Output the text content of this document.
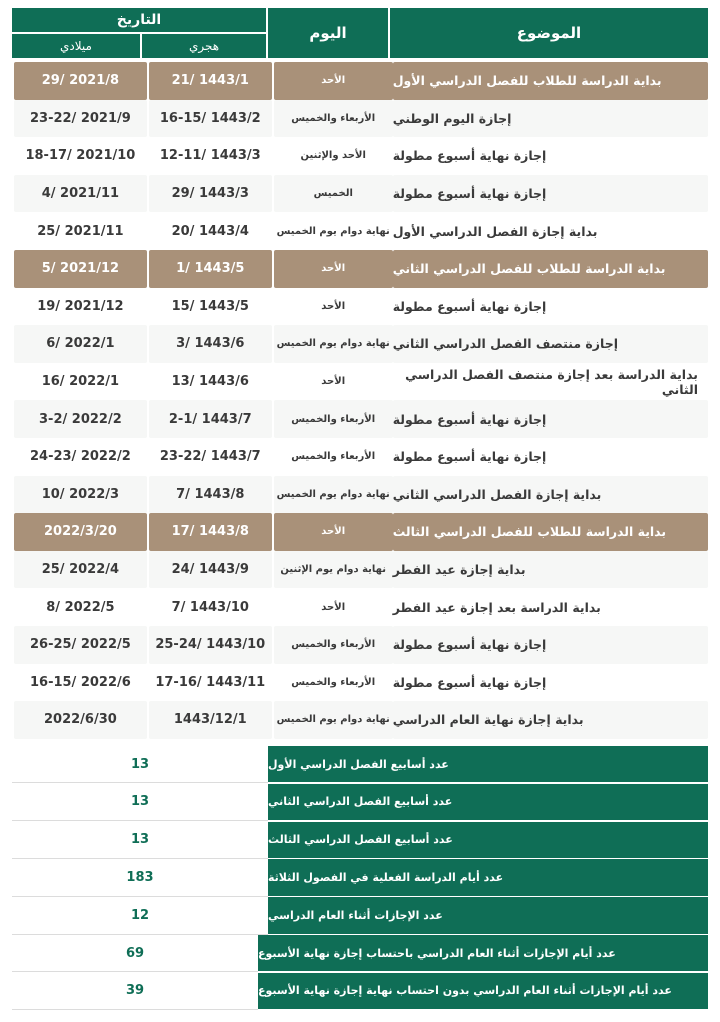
الموضوع
اليوم
التاريخ
هجري
ميلادي
بداية الدراسة للطلاب للفصل الدراسي الأول
الأحد
21/ 1443/1
29/ 2021/8
إجازة اليوم الوطني
الأربعاء والخميس
16-15/ 1443/2
23-22/ 2021/9
إجازة نهاية أسبوع مطولة
الأحد والإثنين
12-11/ 1443/3
18-17/ 2021/10
إجازة نهاية أسبوع مطولة
الخميس
29/ 1443/3
4/ 2021/11
بداية إجازة الفصل الدراسي الأول
نهاية دوام يوم الخميس
20/ 1443/4
25/ 2021/11
بداية الدراسة للطلاب للفصل الدراسي الثاني
الأحد
1/ 1443/5
5/ 2021/12
إجازة نهاية أسبوع مطولة
الأحد
15/ 1443/5
19/ 2021/12
إجازة منتصف الفصل الدراسي الثاني
نهاية دوام يوم الخميس
3/ 1443/6
6/ 2022/1
بداية الدراسة بعد إجازة منتصف الفصل الدراسي الثاني
الأحد
13/ 1443/6
16/ 2022/1
إجازة نهاية أسبوع مطولة
الأربعاء والخميس
2-1/ 1443/7
3-2/ 2022/2
إجازة نهاية أسبوع مطولة
الأربعاء والخميس
23-22/ 1443/7
24-23/ 2022/2
بداية إجازة الفصل الدراسي الثاني
نهاية دوام يوم الخميس
7/ 1443/8
10/ 2022/3
بداية الدراسة للطلاب للفصل الدراسي الثالث
الأحد
17/ 1443/8
2022/3/20
بداية إجازة عيد الفطر
نهاية دوام يوم الإثنين
24/ 1443/9
25/ 2022/4
بداية الدراسة بعد إجازة عيد الفطر
الأحد
7/ 1443/10
8/ 2022/5
إجازة نهاية أسبوع مطولة
الأربعاء والخميس
25-24/ 1443/10
26-25/ 2022/5
إجازة نهاية أسبوع مطولة
الأربعاء والخميس
17-16/ 1443/11
16-15/ 2022/6
بداية إجازة نهاية العام الدراسي
نهاية دوام يوم الخميس
1443/12/1
2022/6/30
عدد أسابيع الفصل الدراسي الأول
13
عدد أسابيع الفصل الدراسي الثاني
13
عدد أسابيع الفصل الدراسي الثالث
13
عدد أيام الدراسة الفعلية في الفصول الثلاثة
183
عدد الإجازات أثناء العام الدراسي
12
عدد أيام الإجازات أثناء العام الدراسي باحتساب إجازة نهاية الأسبوع
69
عدد أيام الإجازات أثناء العام الدراسي بدون احتساب نهاية إجازة نهاية الأسبوع
39
